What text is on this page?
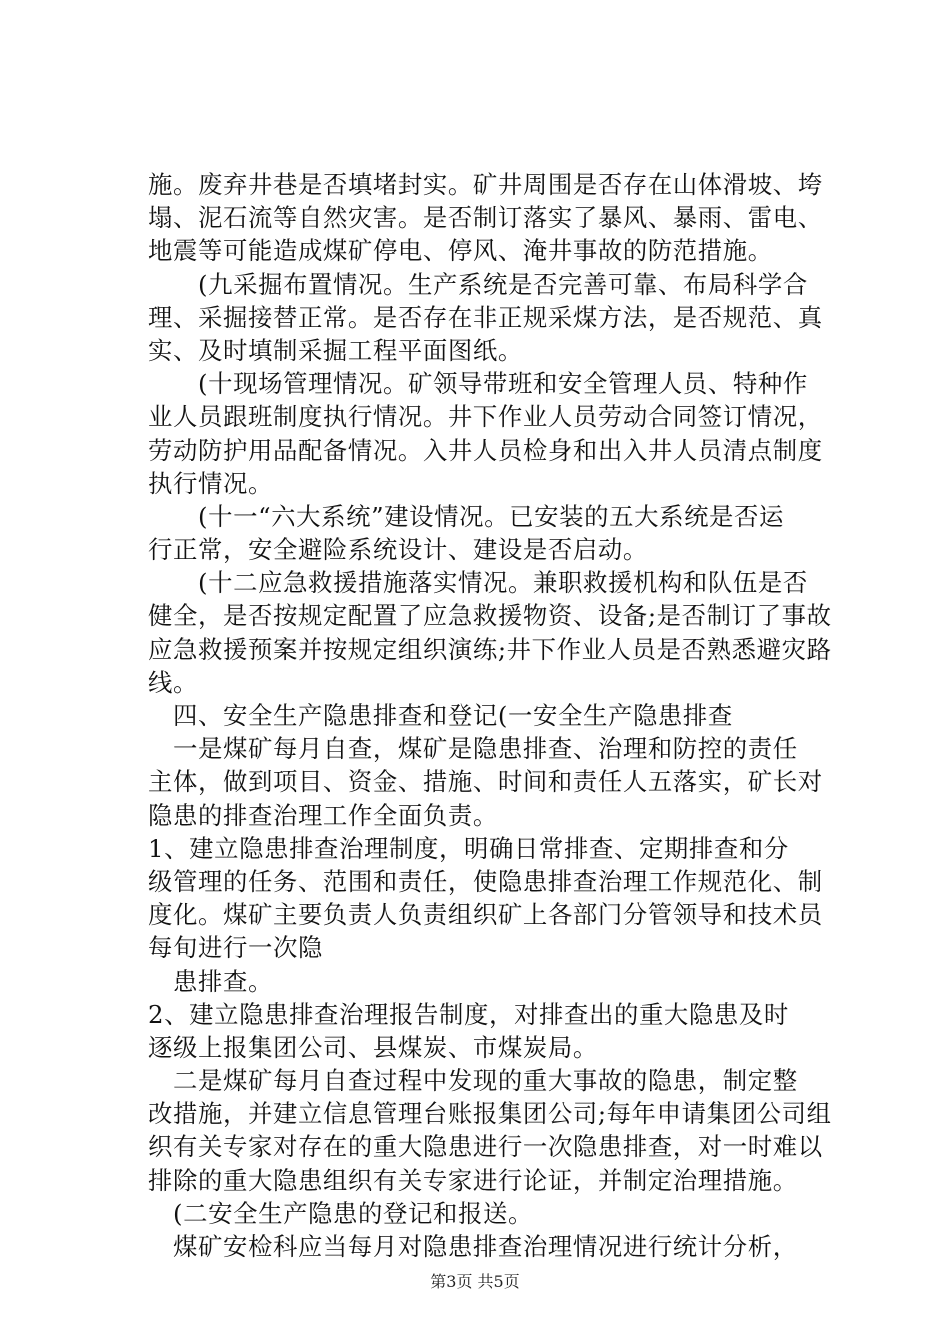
施。废弃井巷是否填堵封实。矿井周围是否存在山体滑坡、垮
塌、泥石流等自然灾害。是否制订落实了暴风、暴雨、雷电、
地震等可能造成煤矿停电、停风、淹井事故的防范措施。
　　(九采掘布置情况。生产系统是否完善可靠、布局科学合
理、采掘接替正常。是否存在非正规采煤方法，是否规范、真
实、及时填制采掘工程平面图纸。
　　(十现场管理情况。矿领导带班和安全管理人员、特种作
业人员跟班制度执行情况。井下作业人员劳动合同签订情况，
劳动防护用品配备情况。入井人员检身和出入井人员清点制度
执行情况。
　　(十一“六大系统”建设情况。已安装的五大系统是否运
行正常，安全避险系统设计、建设是否启动。
　　(十二应急救援措施落实情况。兼职救援机构和队伍是否
健全，是否按规定配置了应急救援物资、设备;是否制订了事故
应急救援预案并按规定组织演练;井下作业人员是否熟悉避灾路
线。
　四、安全生产隐患排查和登记(一安全生产隐患排查
　一是煤矿每月自查，煤矿是隐患排查、治理和防控的责任
主体，做到项目、资金、措施、时间和责任人五落实，矿长对
隐患的排查治理工作全面负责。
1、建立隐患排查治理制度，明确日常排查、定期排查和分
级管理的任务、范围和责任，使隐患排查治理工作规范化、制
度化。煤矿主要负责人负责组织矿上各部门分管领导和技术员
每旬进行一次隐
　患排查。
2、建立隐患排查治理报告制度，对排查出的重大隐患及时
逐级上报集团公司、县煤炭、市煤炭局。
　二是煤矿每月自查过程中发现的重大事故的隐患，制定整
改措施，并建立信息管理台账报集团公司;每年申请集团公司组
织有关专家对存在的重大隐患进行一次隐患排查，对一时难以
排除的重大隐患组织有关专家进行论证，并制定治理措施。
　(二安全生产隐患的登记和报送。
　煤矿安检科应当每月对隐患排查治理情况进行统计分析，
第3页 共5页
